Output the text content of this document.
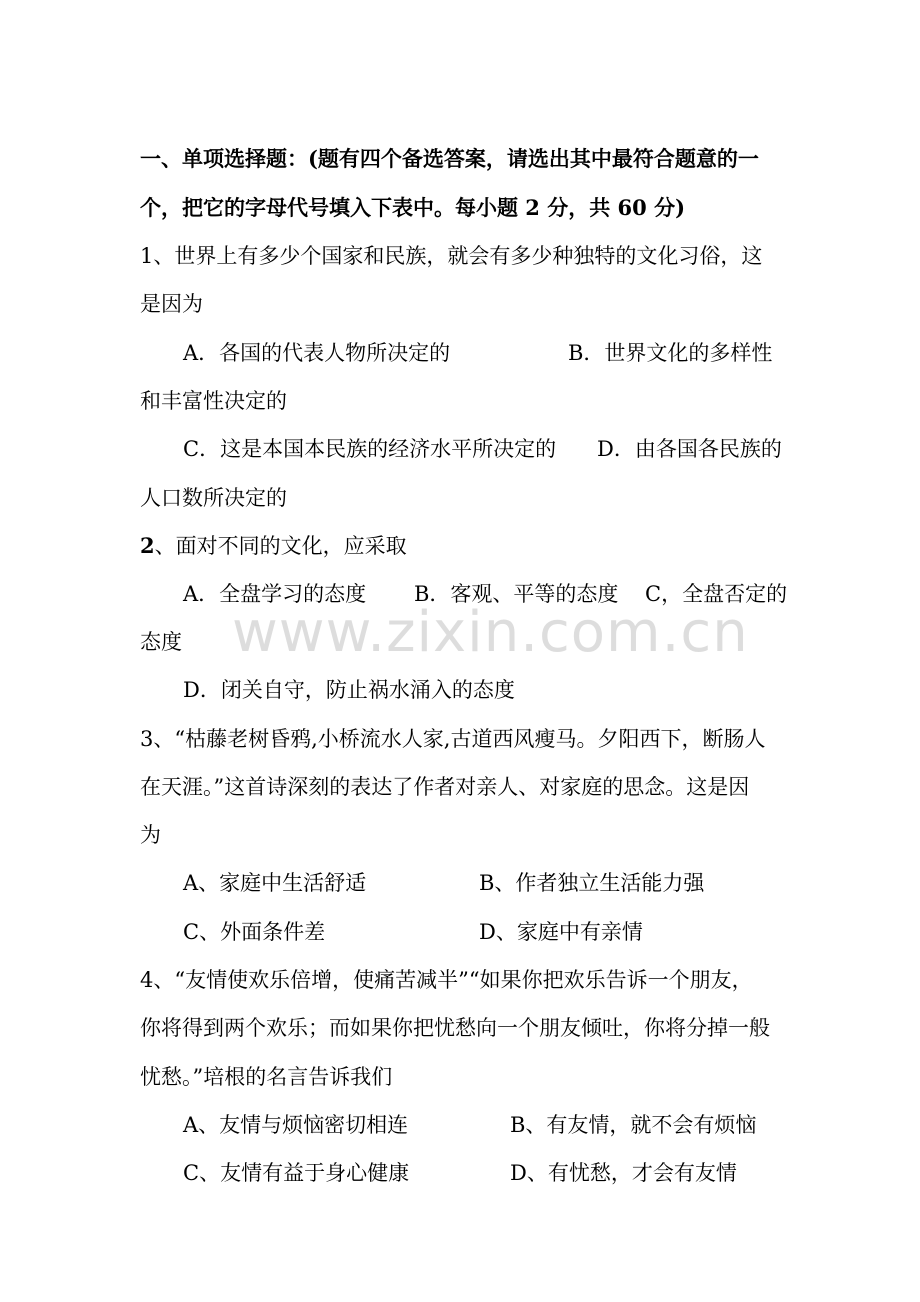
一、单项选择题：(题有四个备选答案，请选出其中最符合题意的一
个，把它的字母代号填入下表中。每小题 2 分，共 60 分)
1、世界上有多少个国家和民族，就会有多少种独特的文化习俗，这
是因为
A．各国的代表人物所决定的	B．世界文化的多样性
和丰富性决定的
C．这是本国本民族的经济水平所决定的 D．由各国各民族的
人口数所决定的
2、面对不同的文化，应采取
A．全盘学习的态度 B．客观、平等的态度 C，全盘否定的
态度
D．闭关自守，防止祸水涌入的态度
3、“枯藤老树昏鸦,小桥流水人家,古道西风瘦马。夕阳西下，断肠人
在天涯。”这首诗深刻的表达了作者对亲人、对家庭的思念。这是因
为
A、家庭中生活舒适	B、作者独立生活能力强
C、外面条件差	D、家庭中有亲情
4、“友情使欢乐倍增，使痛苦减半”“如果你把欢乐告诉一个朋友，
你将得到两个欢乐；而如果你把忧愁向一个朋友倾吐，你将分掉一般
忧愁。”培根的名言告诉我们
A、友情与烦恼密切相连	B、有友情，就不会有烦恼
C、友情有益于身心健康	D、有忧愁，才会有友情
www.zixin.com.cn
